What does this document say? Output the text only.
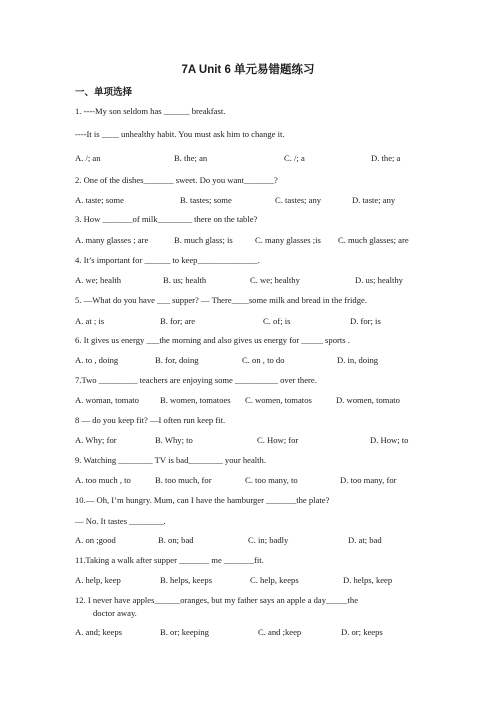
7A Unit 6 单元易错题练习
一、单项选择
1. ----My son seldom has ______ breakfast.
----It is ____ unhealthy habit. You must ask him to change it.
A. /; an	B. the; an	C. /; a	D. the; a
2. One of the dishes_______ sweet. Do you want_______?
A. taste; some	B. tastes; some	C. tastes; any	D. taste; any
3. How _______of milk________ there on the table?
A. many glasses ; are	B. much glass; is	C. many glasses ;is C. much glasses; are
4. It’s important for ______ to keep______________.
A. we; health	B. us; health	C. we; healthy	D. us; healthy
5. —What do you have ___ supper? — There____some milk and bread in the fridge.
A. at ; is	B. for; are	C. of; is	D. for; is
6. It gives us energy ___the morning and also gives us energy for _____ sports .
A. to , doing	B. for, doing	C. on , to do	D. in, doing
7.Two _________ teachers are enjoying some __________ over there.
A. woman, tomato B. women, tomatoes C. women, tomatos	D. women, tomato
8 — do you keep fit? —I often run keep fit.
A. Why; for	B. Why; to	C. How; for	D. How; to
9. Watching ________ TV is bad________ your health.
A. too much , to	B. too much, for	C. too many, to	D. too many, for
10.— Oh, I’m hungry. Mum, can I have the hamburger _______the plate?
— No. It tastes ________.
A. on ;good	B. on; bad	C. in; badly	D. at; bad
11.Taking a walk after supper _______ me _______fit.
A. help, keep	B. helps, keeps	C. help, keeps	D. helps, keep
12. I never have apples______oranges, but my father says an apple a day_____the
doctor away.
A. and; keeps	B. or; keeping	C. and ;keep	D. or; keeps
